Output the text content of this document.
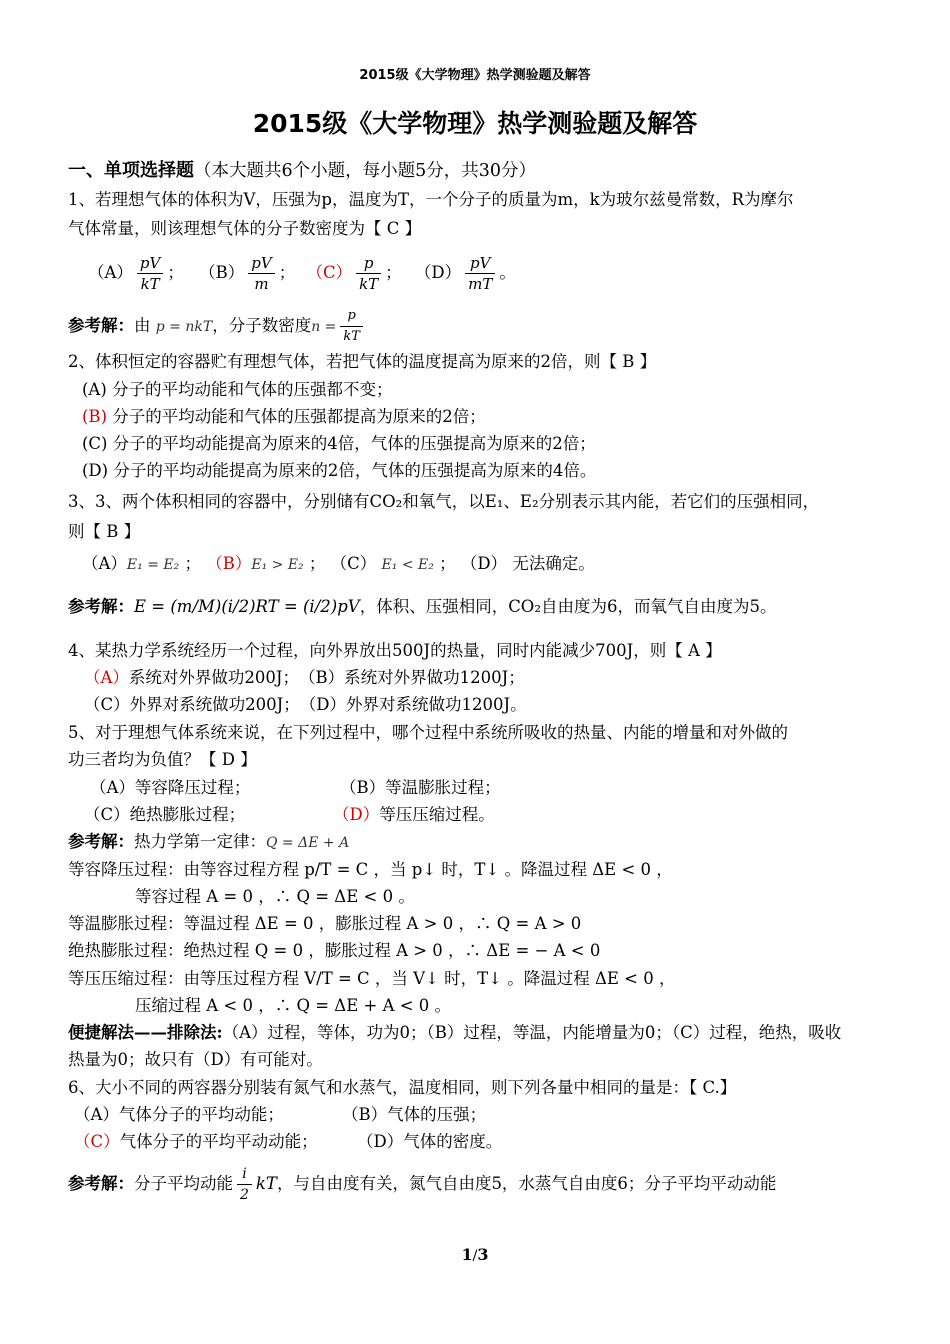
2015级《大学物理》热学测验题及解答
2015级《大学物理》热学测验题及解答
一、单项选择题（本大题共6个小题，每小题5分，共30分）
1、若理想气体的体积为V，压强为p，温度为T，一个分子的质量为m，k为玻尔兹曼常数，R为摩尔
气体常量，则该理想气体的分子数密度为【 C 】
$(A) \frac{pV}{kT}$ ； $(B) \frac{pV}{m}$ ； $(C) \frac{p}{kT}$ ； $(D) \frac{pV}{mT}$ 。
参考解：由 p = nkT，分子数密度$n = \frac{p}{kT}$
2、体积恒定的容器贮有理想气体，若把气体的温度提高为原来的2倍，则【 B 】
(A) 分子的平均动能和气体的压强都不变；
(B) 分子的平均动能和气体的压强都提高为原来的2倍；
(C) 分子的平均动能提高为原来的4倍，气体的压强提高为原来的2倍；
(D) 分子的平均动能提高为原来的2倍，气体的压强提高为原来的4倍。
3、3、两个体积相同的容器中，分别储有CO₂和氧气，以E₁、E₂分别表示其内能，若它们的压强相同，
则【 B 】
（A）E₁ = E₂ ； （B）E₁ > E₂ ； （C） E₁ < E₂ ； （D） 无法确定。
参考解：E = (m/M)(i/2)RT = (i/2)pV，体积、压强相同，CO₂自由度为6，而氧气自由度为5。
4、某热力学系统经历一个过程，向外界放出500J的热量，同时内能减少700J，则【 A 】
（A）系统对外界做功200J；（B）系统对外界做功1200J；
（C）外界对系统做功200J；（D）外界对系统做功1200J。
5、对于理想气体系统来说，在下列过程中，哪个过程中系统所吸收的热量、内能的增量和对外做的
功三者均为负值？【 D 】
（A）等容降压过程；	（B）等温膨胀过程；
（C）绝热膨胀过程；	（D）等压压缩过程。
参考解：热力学第一定律：Q = ΔE + A
等容降压过程：由等容过程方程 p/T = C ，当 p↓ 时，T↓ 。降温过程 ΔE < 0 ，
等容过程 A = 0 ，∴ Q = ΔE < 0 。
等温膨胀过程：等温过程 ΔE = 0 ，膨胀过程 A > 0 ，∴ Q = A > 0
绝热膨胀过程：绝热过程 Q = 0 ，膨胀过程 A > 0 ，∴ ΔE = − A < 0
等压压缩过程：由等压过程方程 V/T = C ，当 V↓ 时，T↓ 。降温过程 ΔE < 0 ，
压缩过程 A < 0 ，∴ Q = ΔE + A < 0 。
便捷解法——排除法:（A）过程，等体，功为0；（B）过程，等温，内能增量为0；（C）过程，绝热，吸收
热量为0；故只有（D）有可能对。
6、大小不同的两容器分别装有氮气和水蒸气，温度相同，则下列各量中相同的量是：【 C.】
（A）气体分子的平均动能；	（B）气体的压强；
（C）气体分子的平均平动动能； （D）气体的密度。
参考解：分子平均动能 $\frac{i}{2}$ kT，与自由度有关，氮气自由度5，水蒸气自由度6；分子平均平动动能
1/3
